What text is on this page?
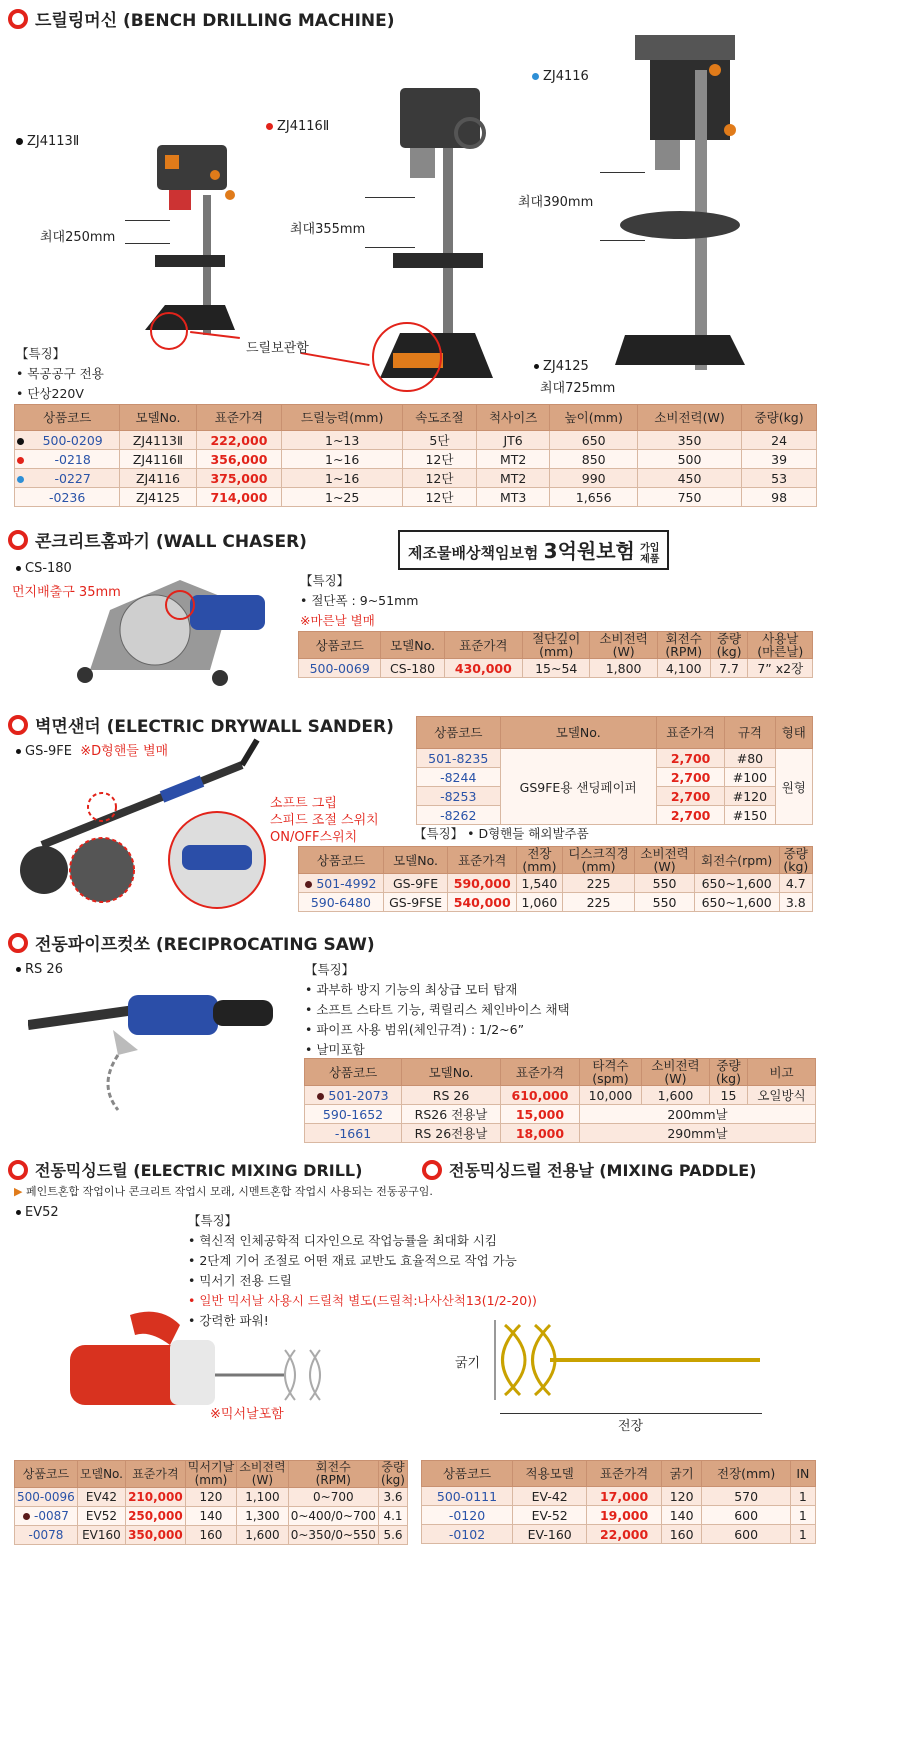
드릴링머신 (BENCH DRILLING MACHINE)
ZJ4113Ⅱ
ZJ4116Ⅱ
ZJ4116
최대250mm
최대355mm
최대390mm
드릴보관함
ZJ4125
최대725mm
【특징】
• 목공공구 전용
• 단상220V
상품코드	모델No.	표준가격	드릴능력(mm)	속도조절	척사이즈	높이(mm)	소비전력(W)	중량(kg)

500-0209	ZJ4113Ⅱ	222,000	1~13	5단	JT6	650	350	24

-0218	ZJ4116Ⅱ	356,000	1~16	12단	MT2	850	500	39

-0227	ZJ4116	375,000	1~16	12단	MT2	990	450	53
-0236	ZJ4125	714,000	1~25	12단	MT3	1,656	750	98
콘크리트홈파기 (WALL CHASER)
제조물배상책임보험 3억원보험 가입
제품
CS-180
먼지배출구 35mm
【특징】
• 절단폭 : 9~51mm
※마른날 별매
상품코드	모델No.	표준가격	절단깊이
(mm)	소비전력
(W)	회전수
(RPM)	중량
(kg)	사용날
(마른날)
500-0069	CS-180	430,000	15~54	1,800	4,100	7.7	7” x2장
벽면샌더 (ELECTRIC DRYWALL SANDER)
GS-9FE ※D형핸들 별매
소프트 그립
스피드 조절 스위치
ON/OFF스위치
상품코드	모델No.	표준가격	규격	형태
501-8235	GS9FE용 샌딩페이퍼	2,700	#80	원형
-8244		2,700	#100	
-8253		2,700	#120	
-8262		2,700	#150	
【특징】 • D형핸들 해외발주품
상품코드	모델No.	표준가격	전장
(mm)	디스크직경
(mm)	소비전력
(W)	회전수(rpm)	중량
(kg)
501-4992	GS-9FE	590,000	1,540	225	550	650~1,600	4.7
590-6480	GS-9FSE	540,000	1,060	225	550	650~1,600	3.8
전동파이프컷쏘 (RECIPROCATING SAW)
RS 26	【특징】
• 과부하 방지 기능의 최상급 모터 탑재
• 소프트 스타트 기능, 퀵릴리스 체인바이스 채택
• 파이프 사용 범위(체인규격) : 1/2~6”
• 날미포함
상품코드	모델No.	표준가격	타격수
(spm)	소비전력
(W)	중량
(kg)	비고
501-2073	RS 26	610,000	10,000	1,600	15	오일방식
590-1652	RS26 전용날	15,000	200mm날			
-1661	RS 26전용날	18,000	290mm날			
전동믹싱드릴 (ELECTRIC MIXING DRILL)
▶ 페인트혼합 작업이나 콘크리트 작업시 모래, 시멘트혼합 작업시 사용되는 전동공구임.
EV52
【특징】
• 혁신적 인체공학적 디자인으로 작업능률을 최대화 시킴
• 2단계 기어 조절로 어떤 재료 교반도 효율적으로 작업 가능
• 믹서기 전용 드릴
• 일반 믹서날 사용시 드릴척 별도(드릴척:나사산척13(1/2-20))
• 강력한 파워!
※믹서날포함
상품코드	모델No.	표준가격	믹서기날
(mm)	소비전력
(W)	회전수
(RPM)	중량
(kg)
500-0096	EV42	210,000	120	1,100	0~700	3.6
-0087	EV52	250,000	140	1,300	0~400/0~700	4.1
-0078	EV160	350,000	160	1,600	0~350/0~550	5.6
전동믹싱드릴 전용날 (MIXING PADDLE)
굵기
전장
상품코드	적용모델	표준가격	굵기	전장(mm)	IN
500-0111	EV-42	17,000	120	570	1
-0120	EV-52	19,000	140	600	1
-0102	EV-160	22,000	160	600	1
